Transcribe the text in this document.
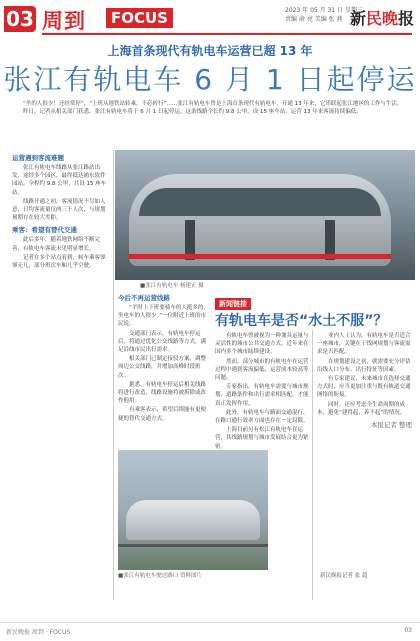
03 周到	FOCUS	2023 年 05 月 31 日 星期三
责编 俞 亮 美编 张 燕 新民晚报
上海首条现代有轨电车运营已超 13 年
张江有轨电车 6 月 1 日起停运

“坐的人很少！还经常停”，“上班从地铁站转乘，不必转行”……张江有轨电车曾是上海首条现代有轨电车，开通 13 年来，它串联起张江地区的工作与生活。

昨日，记者从相关部门获悉，张江有轨电车将于 6 月 1 日起停运。这条线路全长约 9.8 公里，设 15 座车站，运营 13 年来客流持续偏低。

■张江有轨电车 杨建正 摄
运营遇到客流难题

张江有轨电车线路从张江路站出发，途经多个园区，最终抵达浦东软件园站，全程约 9.8 公里，共设 15 座车站。

线路开通之初，客流情况不尽如人意，日均客流量仅两三千人次，与规划预期存在较大差距。

乘客：希望有替代交通

此后多年，随着地铁网络不断完善，有轨电车客流未见明显增长。

记者在多个站点看到，候车乘客寥寥无几，部分班次车厢几乎空驶。

今后不再运营线路

“平时上下班要骑车的人挺多的，坐电车的人很少。”一位附近上班的市民说。

交通部门表示，有轨电车停运后，将通过优化公交线路等方式，满足沿线市民出行需求。

相关部门已制定接驳方案，调整周边公交线路，并增加高峰时段班次。

据悉，有轨电车停运后相关线路将进行改造，线路设施将被拆除或改作他用。

有乘客表示，希望后续能有更便捷的替代交通方式。

■张江有轨电车驶过路口 资料图片	新民晚报记者 张 超
新闻链接
有轨电车是否“水土不服”？

有轨电车曾被视为一种兼具运量与灵活性的城市公共交通方式，近年来在国内多个城市陆续建设。

然而，部分城市的有轨电车在运营过程中遇到客流偏低、运营成本较高等问题。

专家指出，有轨电车需要与城市规划、道路条件和出行需求相匹配，才能真正发挥作用。

此外，有轨电车与路面交通混行，在路口通行效率方面也存在一定局限。

上海目前另有松江有轨电车在运营，其线路规划与城市发展结合更为紧密。

业内人士认为，有轨电车是否适合一座城市，关键在于线网规划与客流需求是否匹配。

在规划建设之初，就需要充分评估沿线人口分布、出行特征等因素。

有专家建议，未来城市在选择交通方式时，应当更加注重与既有轨道交通网络的衔接。

同时，还应考虑全生命周期的成本，避免“建得起、养不起”的情况。

本报记者 整理
新民晚报 周到 · FOCUS	03
